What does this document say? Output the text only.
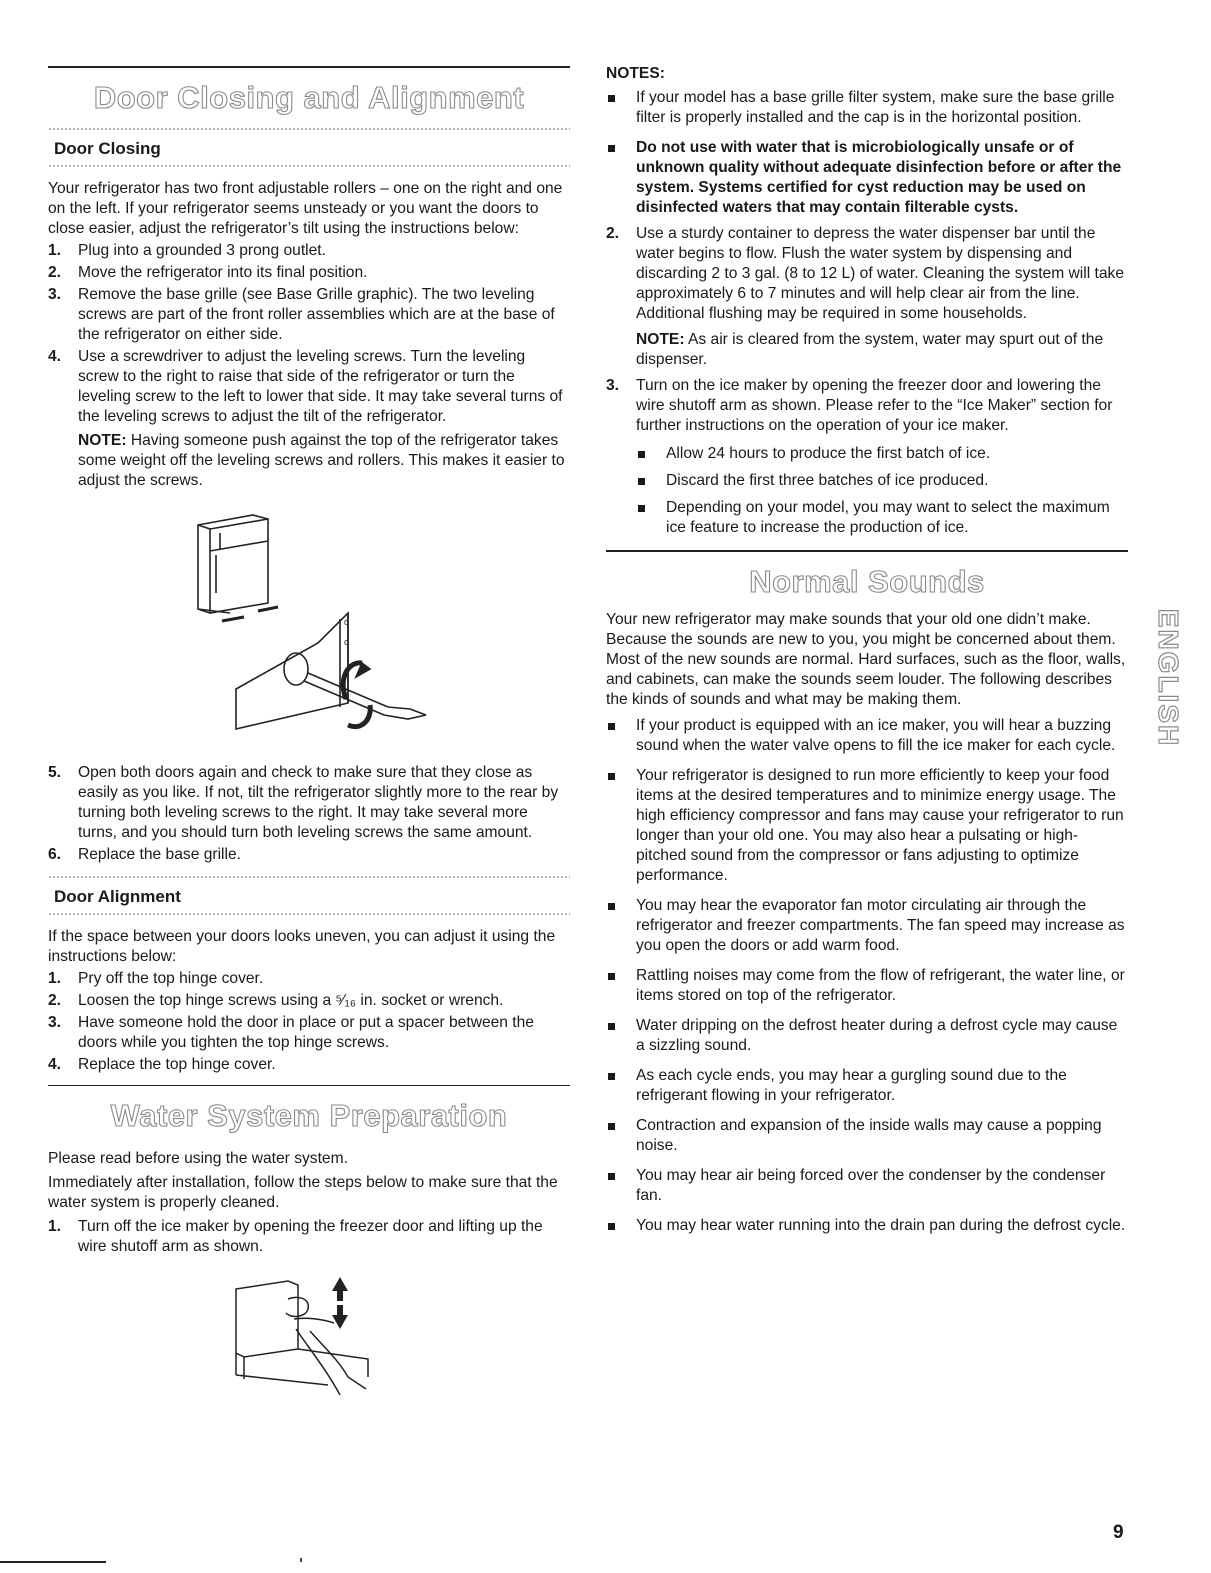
Door Closing and Alignment
Door Closing

Your refrigerator has two front adjustable rollers – one on the right and one on the left. If your refrigerator seems unsteady or you want the doors to close easier, adjust the refrigerator’s tilt using the instructions below:

1. Plug into a grounded 3 prong outlet.
2. Move the refrigerator into its final position.
3. Remove the base grille (see Base Grille graphic). The two leveling screws are part of the front roller assemblies which are at the base of the refrigerator on either side.
4. Use a screwdriver to adjust the leveling screws. Turn the leveling screw to the right to raise that side of the refrigerator or turn the leveling screw to the left to lower that side. It may take several turns of the leveling screws to adjust the tilt of the refrigerator.

NOTE: Having someone push against the top of the refrigerator takes some weight off the leveling screws and rollers. This makes it easier to adjust the screws.

o
o
5. Open both doors again and check to make sure that they close as easily as you like. If not, tilt the refrigerator slightly more to the rear by turning both leveling screws to the right. It may take several more turns, and you should turn both leveling screws the same amount.
6. Replace the base grille.
Door Alignment

If the space between your doors looks uneven, you can adjust it using the instructions below:

1. Pry off the top hinge cover.
2. Loosen the top hinge screws using a ⁵⁄₁₆ in. socket or wrench.
3. Have someone hold the door in place or put a spacer between the doors while you tighten the top hinge screws.
4. Replace the top hinge cover.
Water System Preparation

Please read before using the water system.

Immediately after installation, follow the steps below to make sure that the water system is properly cleaned.

1. Turn off the ice maker by opening the freezer door and lifting up the wire shutoff arm as shown.

NOTES:

If your model has a base grille filter system, make sure the base grille filter is properly installed and the cap is in the horizontal position.
Do not use with water that is microbiologically unsafe or of unknown quality without adequate disinfection before or after the system. Systems certified for cyst reduction may be used on disinfected waters that may contain filterable cysts.
2. Use a sturdy container to depress the water dispenser bar until the water begins to flow. Flush the water system by dispensing and discarding 2 to 3 gal. (8 to 12 L) of water. Cleaning the system will take approximately 6 to 7 minutes and will help clear air from the line. Additional flushing may be required in some households.

NOTE: As air is cleared from the system, water may spurt out of the dispenser.

3. Turn on the ice maker by opening the freezer door and lowering the wire shutoff arm as shown. Please refer to the “Ice Maker” section for further instructions on the operation of your ice maker.
Allow 24 hours to produce the first batch of ice.
Discard the first three batches of ice produced.
Depending on your model, you may want to select the maximum ice feature to increase the production of ice.
Normal Sounds

Your new refrigerator may make sounds that your old one didn’t make. Because the sounds are new to you, you might be concerned about them. Most of the new sounds are normal. Hard surfaces, such as the floor, walls, and cabinets, can make the sounds seem louder. The following describes the kinds of sounds and what may be making them.

If your product is equipped with an ice maker, you will hear a buzzing sound when the water valve opens to fill the ice maker for each cycle.
Your refrigerator is designed to run more efficiently to keep your food items at the desired temperatures and to minimize energy usage. The high efficiency compressor and fans may cause your refrigerator to run longer than your old one. You may also hear a pulsating or high-pitched sound from the compressor or fans adjusting to optimize performance.
You may hear the evaporator fan motor circulating air through the refrigerator and freezer compartments. The fan speed may increase as you open the doors or add warm food.
Rattling noises may come from the flow of refrigerant, the water line, or items stored on top of the refrigerator.
Water dripping on the defrost heater during a defrost cycle may cause a sizzling sound.
As each cycle ends, you may hear a gurgling sound due to the refrigerant flowing in your refrigerator.
Contraction and expansion of the inside walls may cause a popping noise.
You may hear air being forced over the condenser by the condenser fan.
You may hear water running into the drain pan during the defrost cycle.
ENGLISH
9
